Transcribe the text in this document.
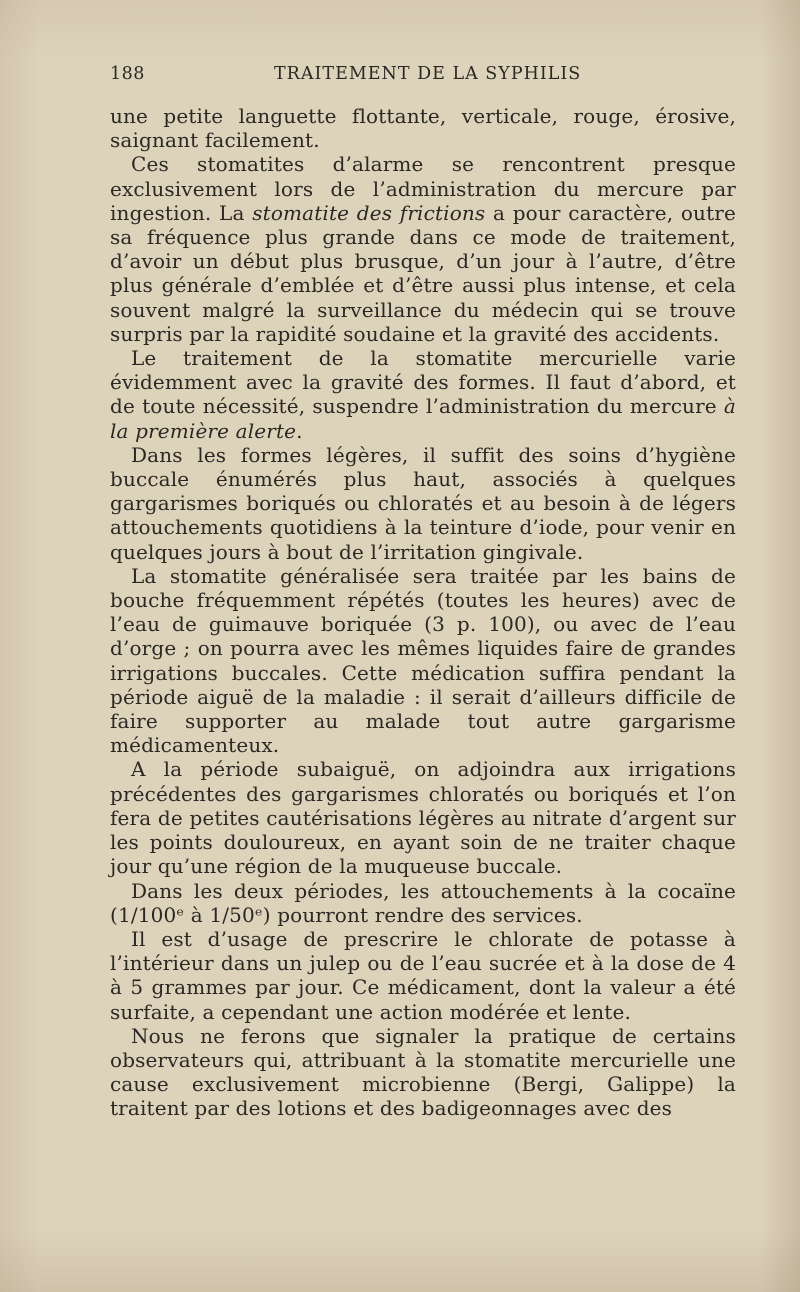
188	TRAITEMENT DE LA SYPHILIS

une petite languette flottante, verticale, rouge, érosive, saignant facilement.

Ces stomatites d’alarme se rencontrent presque exclusivement lors de l’administration du mercure par ingestion. La stomatite des frictions a pour caractère, outre sa fréquence plus grande dans ce mode de traitement, d’avoir un début plus brusque, d’un jour à l’autre, d’être plus générale d’emblée et d’être aussi plus intense, et cela souvent malgré la surveillance du médecin qui se trouve surpris par la rapidité soudaine et la gravité des accidents.

Le traitement de la stomatite mercurielle varie évidemment avec la gravité des formes. Il faut d’abord, et de toute nécessité, suspendre l’administration du mercure à la première alerte.

Dans les formes légères, il suffit des soins d’hygiène buccale énumérés plus haut, associés à quelques gargarismes boriqués ou chloratés et au besoin à de légers attouchements quotidiens à la teinture d’iode, pour venir en quelques jours à bout de l’irritation gingivale.

La stomatite généralisée sera traitée par les bains de bouche fréquemment répétés (toutes les heures) avec de l’eau de guimauve boriquée (3 p. 100), ou avec de l’eau d’orge ; on pourra avec les mêmes liquides faire de grandes irrigations buccales. Cette médication suffira pendant la période aiguë de la maladie : il serait d’ailleurs difficile de faire supporter au malade tout autre gargarisme médicamenteux.

A la période subaiguë, on adjoindra aux irrigations précédentes des gargarismes chloratés ou boriqués et l’on fera de petites cautérisations légères au nitrate d’argent sur les points douloureux, en ayant soin de ne traiter chaque jour qu’une région de la muqueuse buccale.

Dans les deux périodes, les attouchements à la cocaïne (1/100ᵉ à 1/50ᵉ) pourront rendre des services.

Il est d’usage de prescrire le chlorate de potasse à l’intérieur dans un julep ou de l’eau sucrée et à la dose de 4 à 5 grammes par jour. Ce médicament, dont la valeur a été surfaite, a cependant une action modérée et lente.

Nous ne ferons que signaler la pratique de certains observateurs qui, attribuant à la stomatite mercurielle une cause exclusivement microbienne (Bergi, Galippe) la traitent par des lotions et des badigeonnages avec des
